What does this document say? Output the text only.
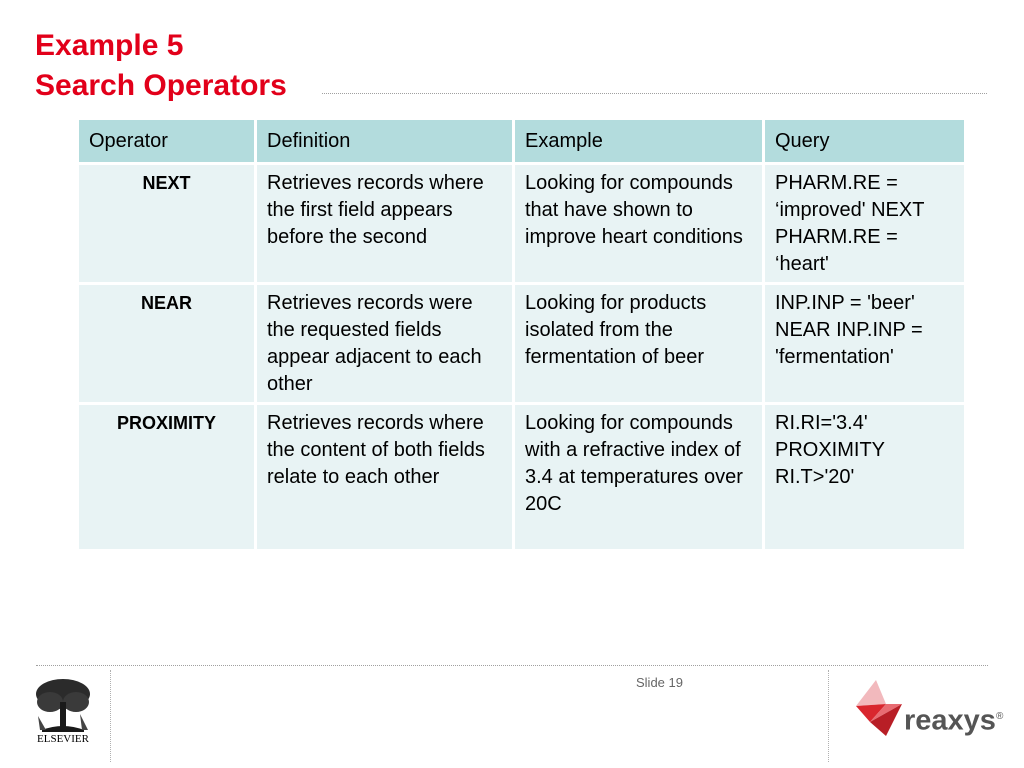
Example 5
Search Operators
Operator	Definition	Example	Query
NEXT	Retrieves records where the first field appears before the second	Looking for compounds that have shown to improve heart conditions	PHARM.RE = ‘improved' NEXT PHARM.RE = ‘heart'
NEAR	Retrieves records were the requested fields appear adjacent to each other	Looking for products isolated from the fermentation of beer	INP.INP = 'beer' NEAR INP.INP = 'fermentation'
PROXIMITY	Retrieves records where the content of both fields relate to each other	Looking for compounds with a refractive index of 3.4 at temperatures over 20C	RI.RI='3.4' PROXIMITY RI.T>'20'
ELSEVIER
Slide 19
reaxys®
